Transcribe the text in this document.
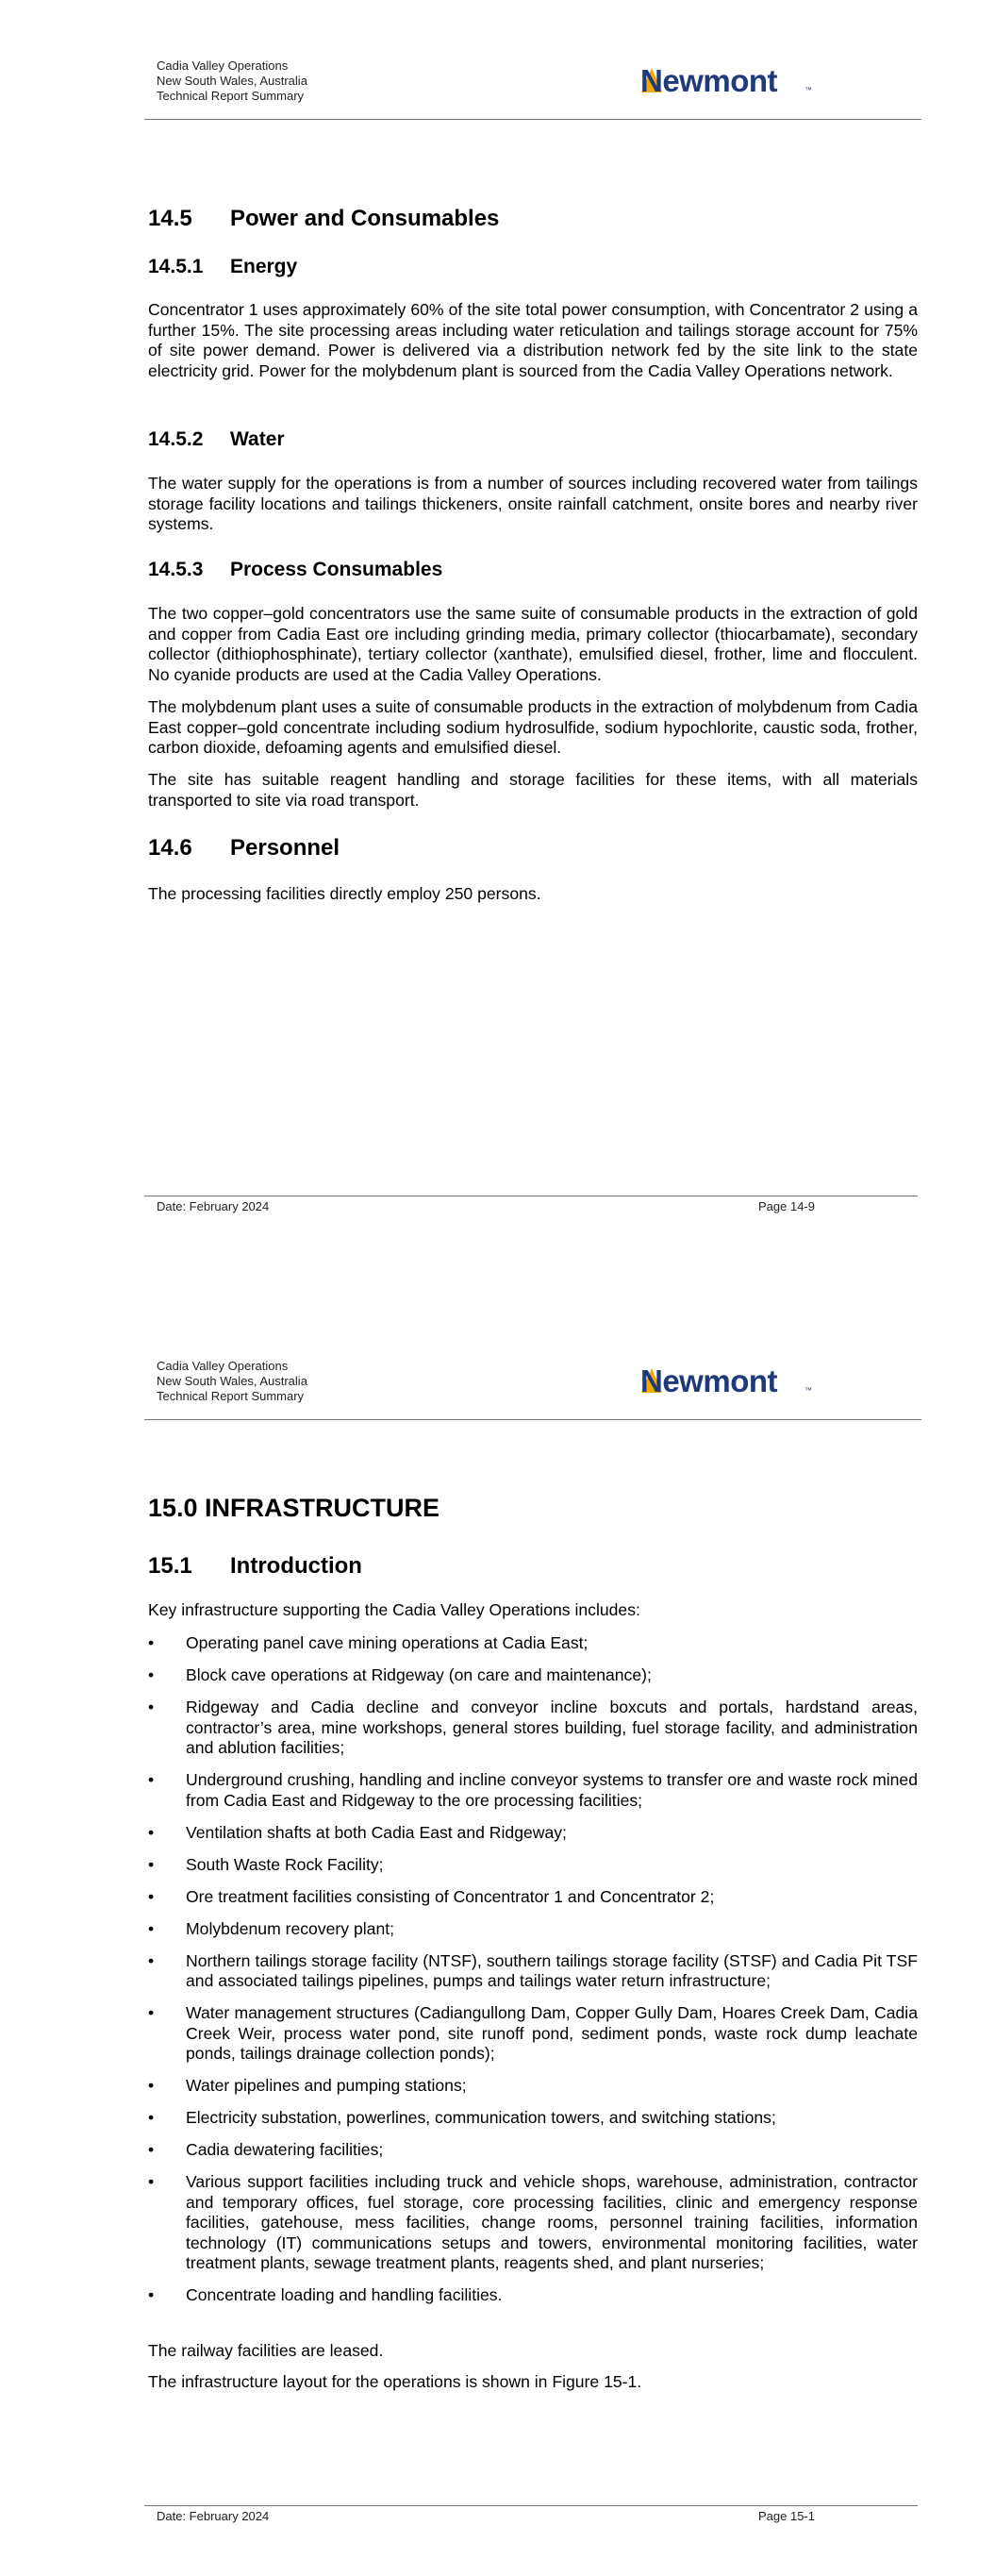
Cadia Valley Operations
New South Wales, Australia
Technical Report Summary	Newmont	™
14.5 Power and Consumables
14.5.1 Energy

Concentrator 1 uses approximately 60% of the site total power consumption, with Concentrator 2 using a further 15%. The site processing areas including water reticulation and tailings storage account for 75% of site power demand. Power is delivered via a distribution network fed by the site link to the state electricity grid. Power for the molybdenum plant is sourced from the Cadia Valley Operations network.

14.5.2 Water

The water supply for the operations is from a number of sources including recovered water from tailings storage facility locations and tailings thickeners, onsite rainfall catchment, onsite bores and nearby river systems.

14.5.3 Process Consumables

The two copper–gold concentrators use the same suite of consumable products in the extraction of gold and copper from Cadia East ore including grinding media, primary collector (thiocarbamate), secondary collector (dithiophosphinate), tertiary collector (xanthate), emulsified diesel, frother, lime and flocculent. No cyanide products are used at the Cadia Valley Operations.

The molybdenum plant uses a suite of consumable products in the extraction of molybdenum from Cadia East copper–gold concentrate including sodium hydrosulfide, sodium hypochlorite, caustic soda, frother, carbon dioxide, defoaming agents and emulsified diesel.

The site has suitable reagent handling and storage facilities for these items, with all materials transported to site via road transport.

14.6 Personnel

The processing facilities directly employ 250 persons.

Date: February 2024	Page 14-9
Cadia Valley Operations
New South Wales, Australia
Technical Report Summary	Newmont	™
15.0 INFRASTRUCTURE
15.1 Introduction

Key infrastructure supporting the Cadia Valley Operations includes:

•	Operating panel cave mining operations at Cadia East;
•	Block cave operations at Ridgeway (on care and maintenance);
•	Ridgeway and Cadia decline and conveyor incline boxcuts and portals, hardstand areas, contractor’s area, mine workshops, general stores building, fuel storage facility, and administration and ablution facilities;
•	Underground crushing, handling and incline conveyor systems to transfer ore and waste rock mined from Cadia East and Ridgeway to the ore processing facilities;
•	Ventilation shafts at both Cadia East and Ridgeway;
•	South Waste Rock Facility;
•	Ore treatment facilities consisting of Concentrator 1 and Concentrator 2;
•	Molybdenum recovery plant;
•	Northern tailings storage facility (NTSF), southern tailings storage facility (STSF) and Cadia Pit TSF and associated tailings pipelines, pumps and tailings water return infrastructure;
•	Water management structures (Cadiangullong Dam, Copper Gully Dam, Hoares Creek Dam, Cadia Creek Weir, process water pond, site runoff pond, sediment ponds, waste rock dump leachate ponds, tailings drainage collection ponds);
•	Water pipelines and pumping stations;
•	Electricity substation, powerlines, communication towers, and switching stations;
•	Cadia dewatering facilities;
•	Various support facilities including truck and vehicle shops, warehouse, administration, contractor and temporary offices, fuel storage, core processing facilities, clinic and emergency response facilities, gatehouse, mess facilities, change rooms, personnel training facilities, information technology (IT) communications setups and towers, environmental monitoring facilities, water treatment plants, sewage treatment plants, reagents shed, and plant nurseries;
•	Concentrate loading and handling facilities.

The railway facilities are leased.

The infrastructure layout for the operations is shown in Figure 15-1.

Date: February 2024	Page 15-1
